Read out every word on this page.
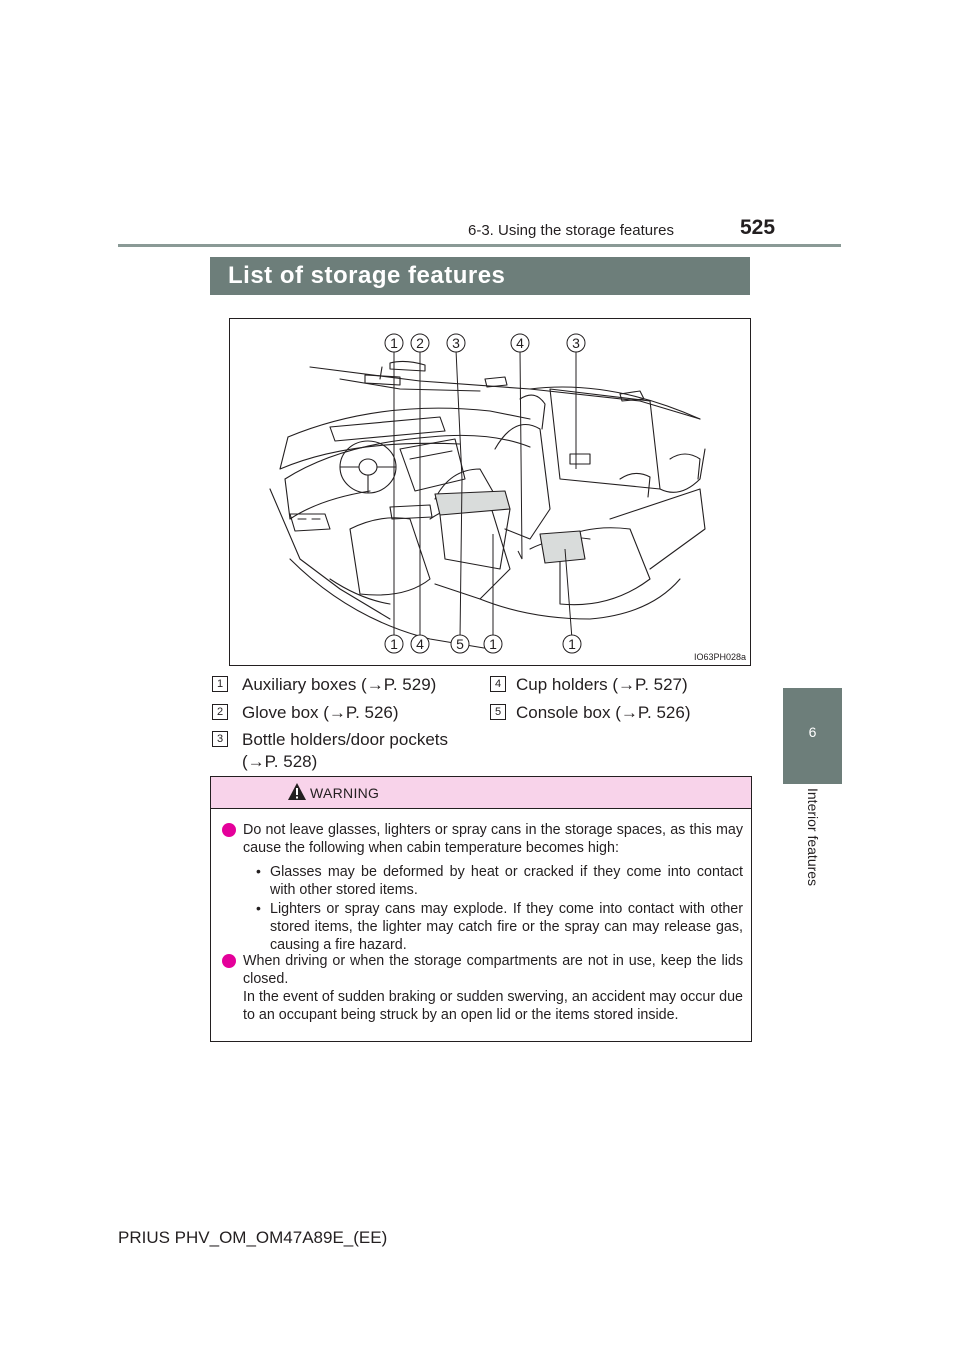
6-3. Using the storage features	525
6
Interior features
List of storage features
1 2 3	4	3
1 4 5 1	1
IO63PH028a
1 Auxiliary boxes (→P. 529)
2 Glove box (→P. 526)
3 Bottle holders/door pockets
(→P. 528)
4 Cup holders (→P. 527)
5 Console box (→P. 526)
WARNING
Do not leave glasses, lighters or spray cans in the storage spaces, as this may cause the following when cabin temperature becomes high:
• Glasses may be deformed by heat or cracked if they come into contact with other stored items.
• Lighters or spray cans may explode. If they come into contact with other stored items, the lighter may catch fire or the spray can may release gas, causing a fire hazard.
When driving or when the storage compartments are not in use, keep the lids closed.
In the event of sudden braking or sudden swerving, an accident may occur due to an occupant being struck by an open lid or the items stored inside.
PRIUS PHV_OM_OM47A89E_(EE)
